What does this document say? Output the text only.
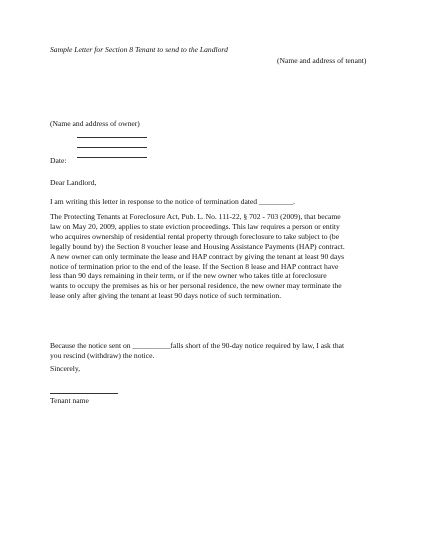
Sample Letter for Section 8 Tenant to send to the Landlord
(Name and address of tenant)
(Name and address of owner)
Date:
Dear Landlord,
I am writing this letter in response to the notice of termination dated _________.
The Protecting Tenants at Foreclosure Act, Pub. L. No. 111-22, § 702 - 703 (2009), that became
law on May 20, 2009, applies to state eviction proceedings. This law requires a person or entity
who acquires ownership of residential rental property through foreclosure to take subject to (be
legally bound by) the Section 8 voucher lease and Housing Assistance Payments (HAP) contract.
A new owner can only terminate the lease and HAP contract by giving the tenant at least 90 days
notice of termination prior to the end of the lease. If the Section 8 lease and HAP contract have
less than 90 days remaining in their term, or if the new owner who takes title at foreclosure
wants to occupy the premises as his or her personal residence, the new owner may terminate the
lease only after giving the tenant at least 90 days notice of such termination.
Because the notice sent on __________falls short of the 90-day notice required by law, I ask that
you rescind (withdraw) the notice.
Sincerely,
Tenant name
